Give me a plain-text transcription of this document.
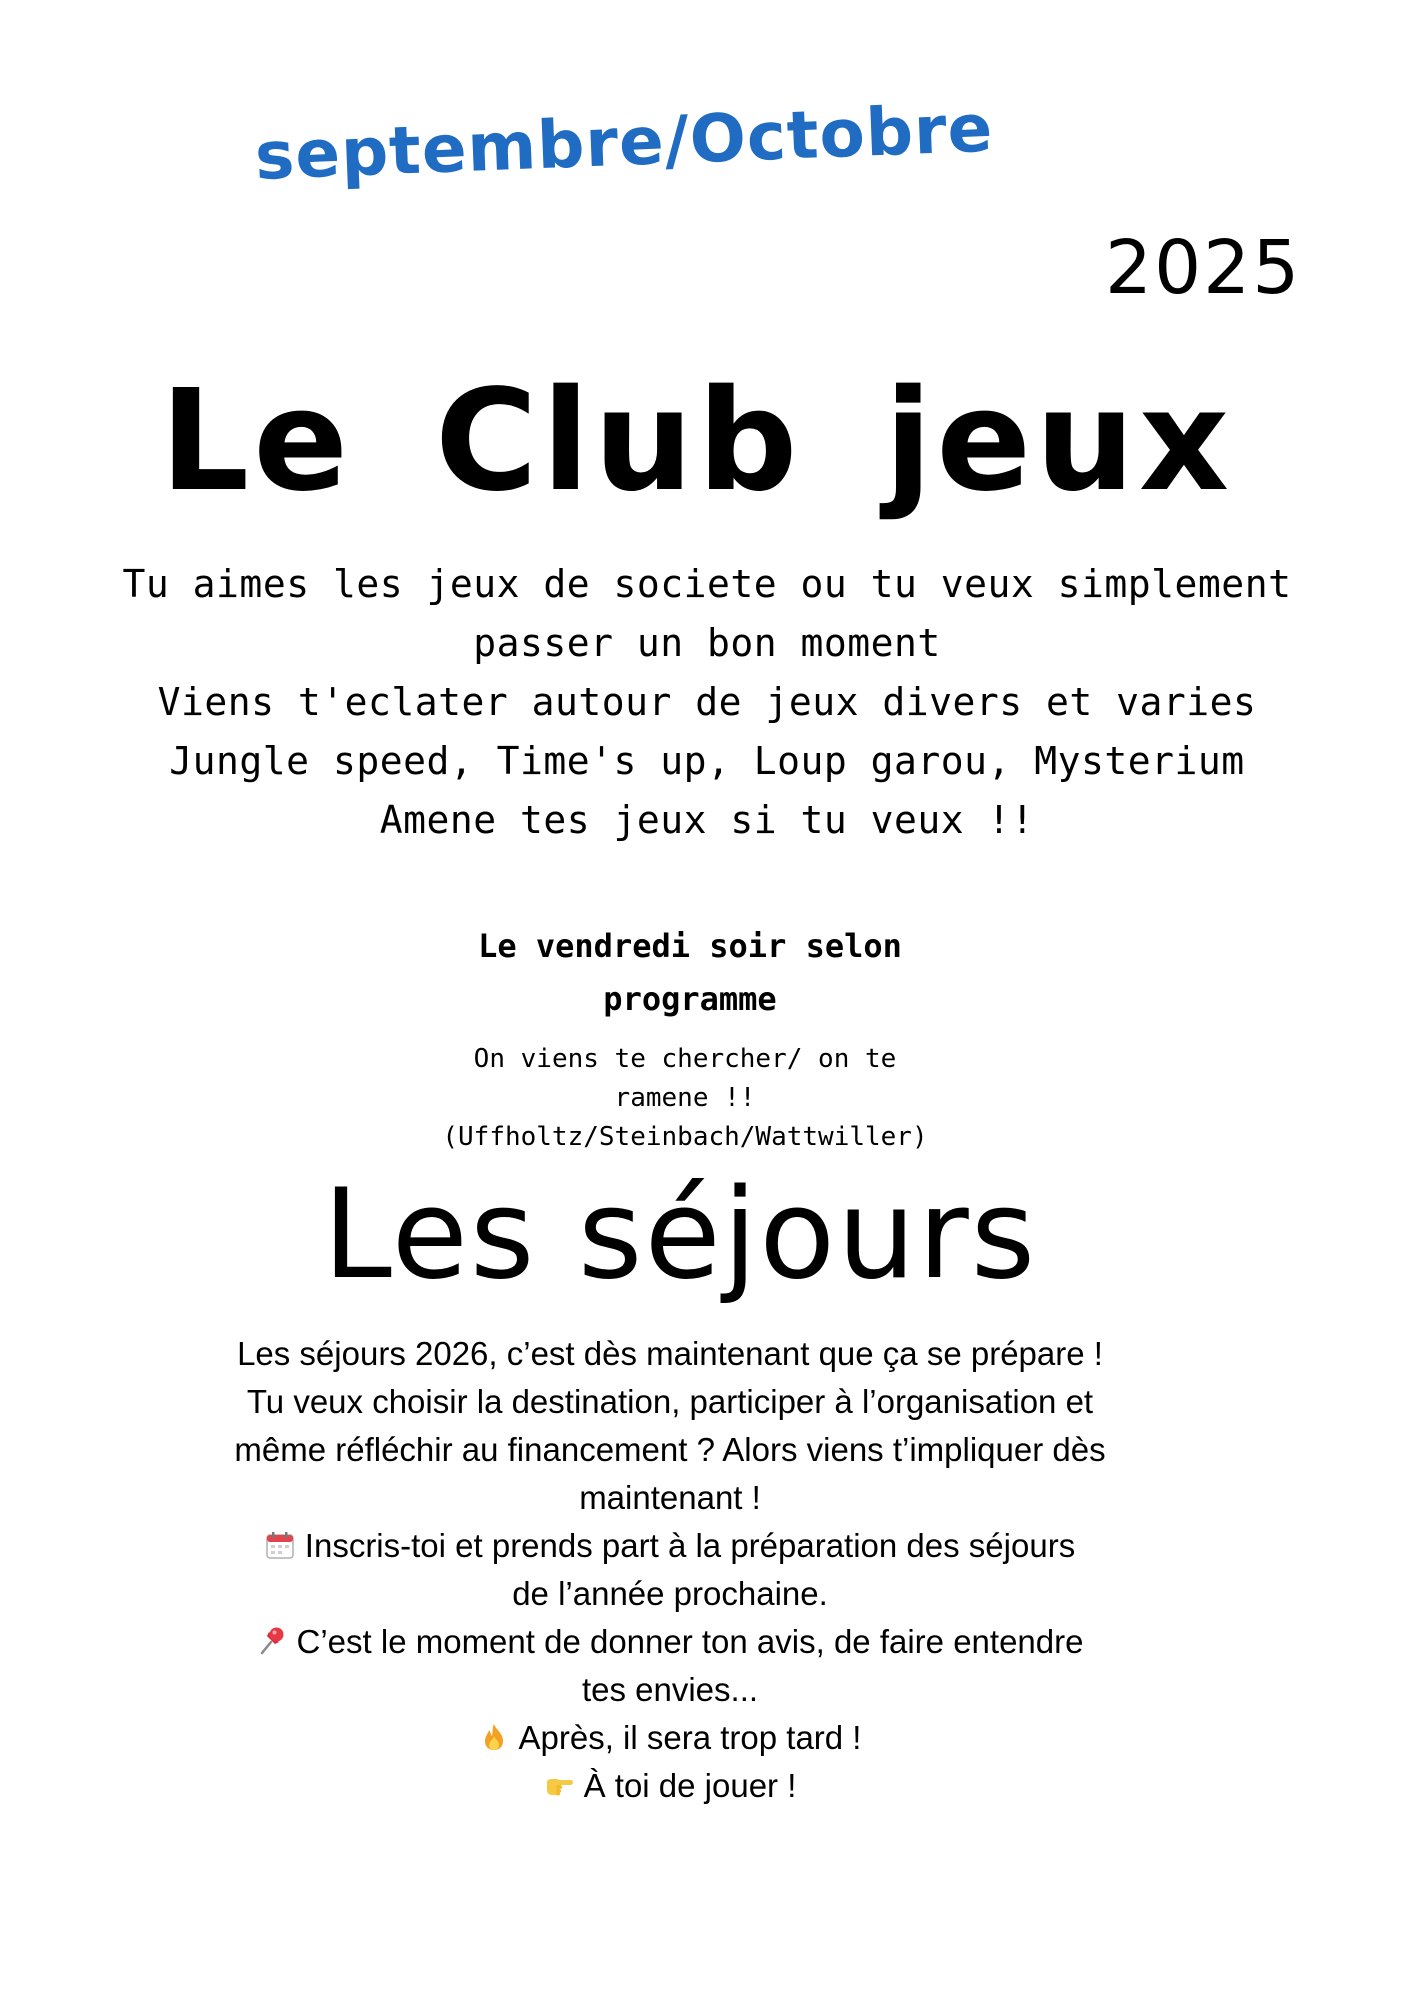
septembre/Octobre
2025
Le Club jeux
Tu aimes les jeux de societe ou tu veux simplement
passer un bon moment
Viens t'eclater autour de jeux divers et varies
Jungle speed, Time's up, Loup garou, Mysterium
Amene tes jeux si tu veux !!
Le vendredi soir selon
programme
On viens te chercher/ on te
ramene !!
(Uffholtz/Steinbach/Wattwiller)
Les séjours
Les séjours 2026, c’est dès maintenant que ça se prépare !
Tu veux choisir la destination, participer à l’organisation et
même réfléchir au financement ? Alors viens t’impliquer dès
maintenant !
Inscris-toi et prends part à la préparation des séjours
de l’année prochaine.
C’est le moment de donner ton avis, de faire entendre
tes envies...
Après, il sera trop tard !
À toi de jouer !
